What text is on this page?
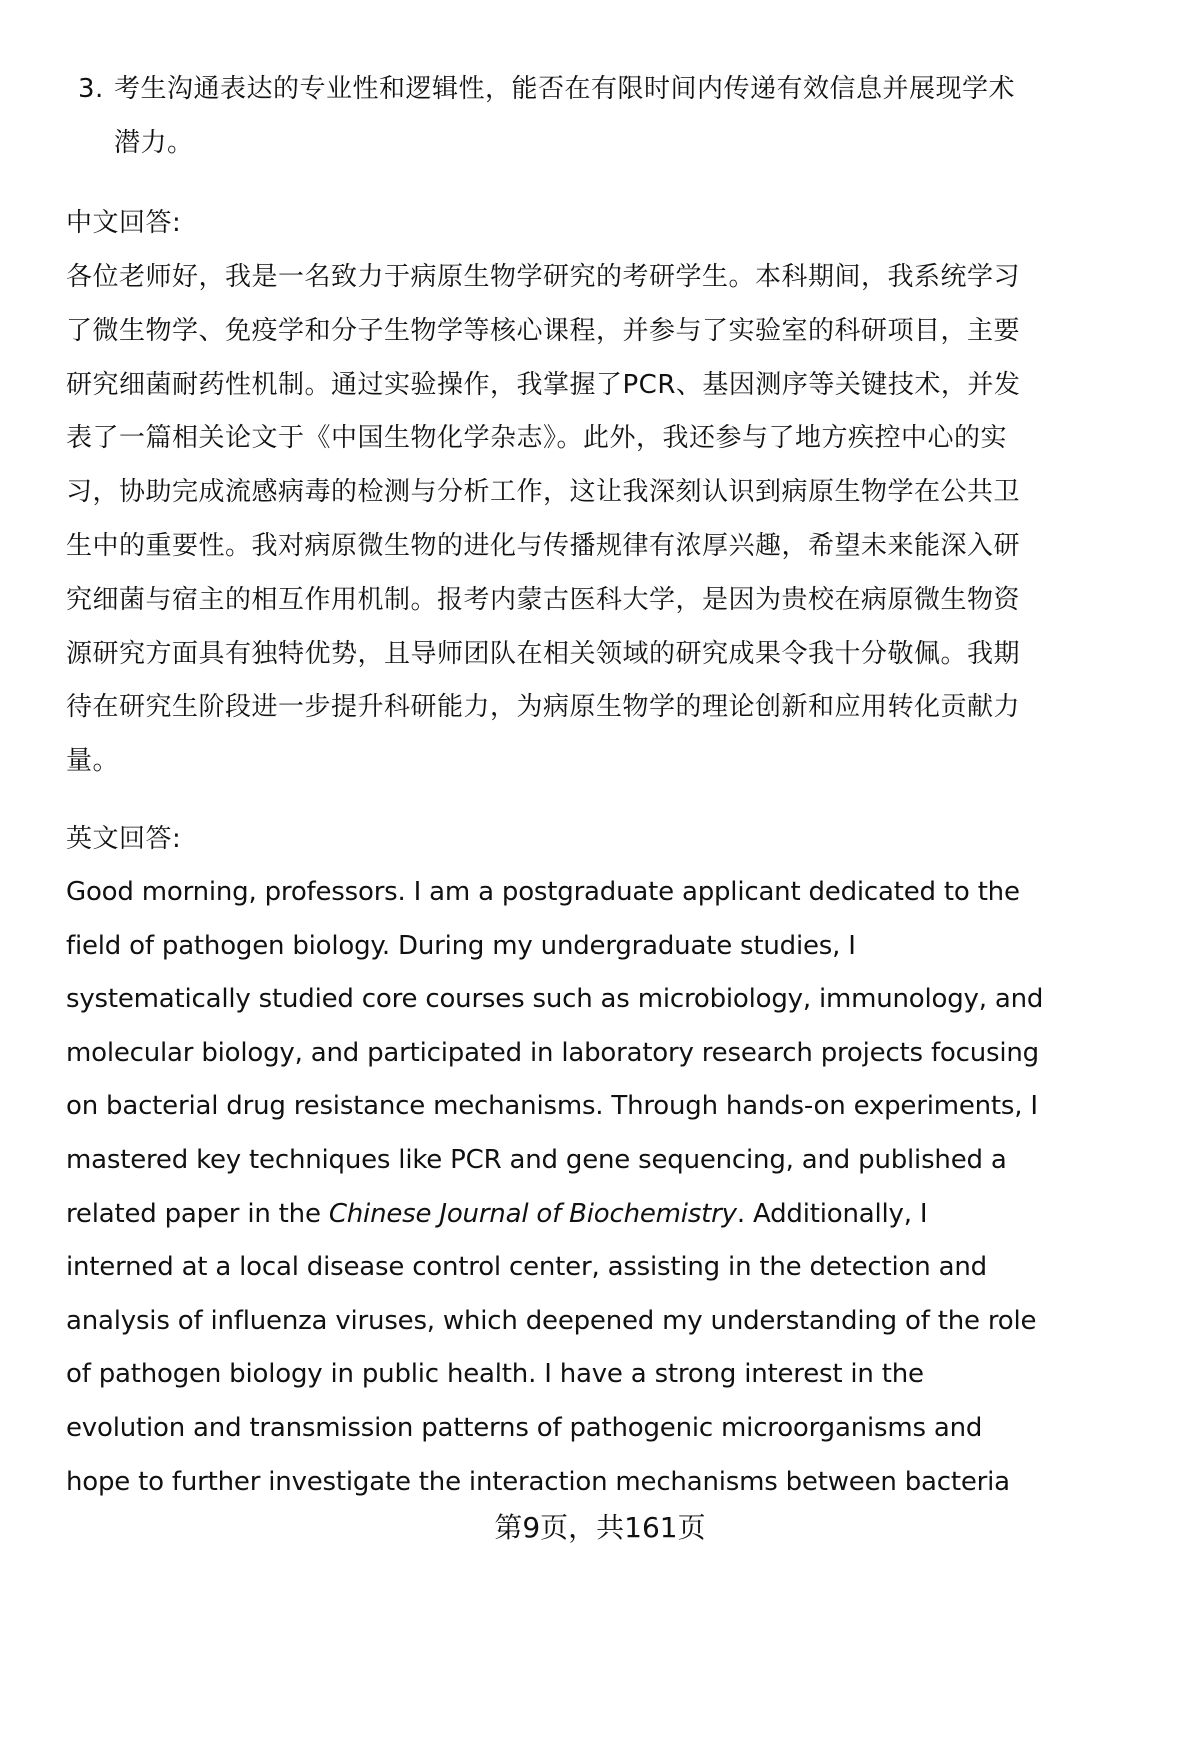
3. 考生沟通表达的专业性和逻辑性，能否在有限时间内传递有效信息并展现学术
潜力。
中文回答:
各位老师好，我是一名致力于病原生物学研究的考研学生。本科期间，我系统学习
了微生物学、免疫学和分子生物学等核心课程，并参与了实验室的科研项目，主要
研究细菌耐药性机制。通过实验操作，我掌握了PCR、基因测序等关键技术，并发
表了一篇相关论文于《中国生物化学杂志》。此外，我还参与了地方疾控中心的实
习，协助完成流感病毒的检测与分析工作，这让我深刻认识到病原生物学在公共卫
生中的重要性。我对病原微生物的进化与传播规律有浓厚兴趣，希望未来能深入研
究细菌与宿主的相互作用机制。报考内蒙古医科大学，是因为贵校在病原微生物资
源研究方面具有独特优势，且导师团队在相关领域的研究成果令我十分敬佩。我期
待在研究生阶段进一步提升科研能力，为病原生物学的理论创新和应用转化贡献力
量。
英文回答:
Good morning, professors. I am a postgraduate applicant dedicated to the
field of pathogen biology. During my undergraduate studies, I
systematically studied core courses such as microbiology, immunology, and
molecular biology, and participated in laboratory research projects focusing
on bacterial drug resistance mechanisms. Through hands-on experiments, I
mastered key techniques like PCR and gene sequencing, and published a
related paper in the Chinese Journal of Biochemistry. Additionally, I
interned at a local disease control center, assisting in the detection and
analysis of influenza viruses, which deepened my understanding of the role
of pathogen biology in public health. I have a strong interest in the
evolution and transmission patterns of pathogenic microorganisms and
hope to further investigate the interaction mechanisms between bacteria
第9页，共161页
